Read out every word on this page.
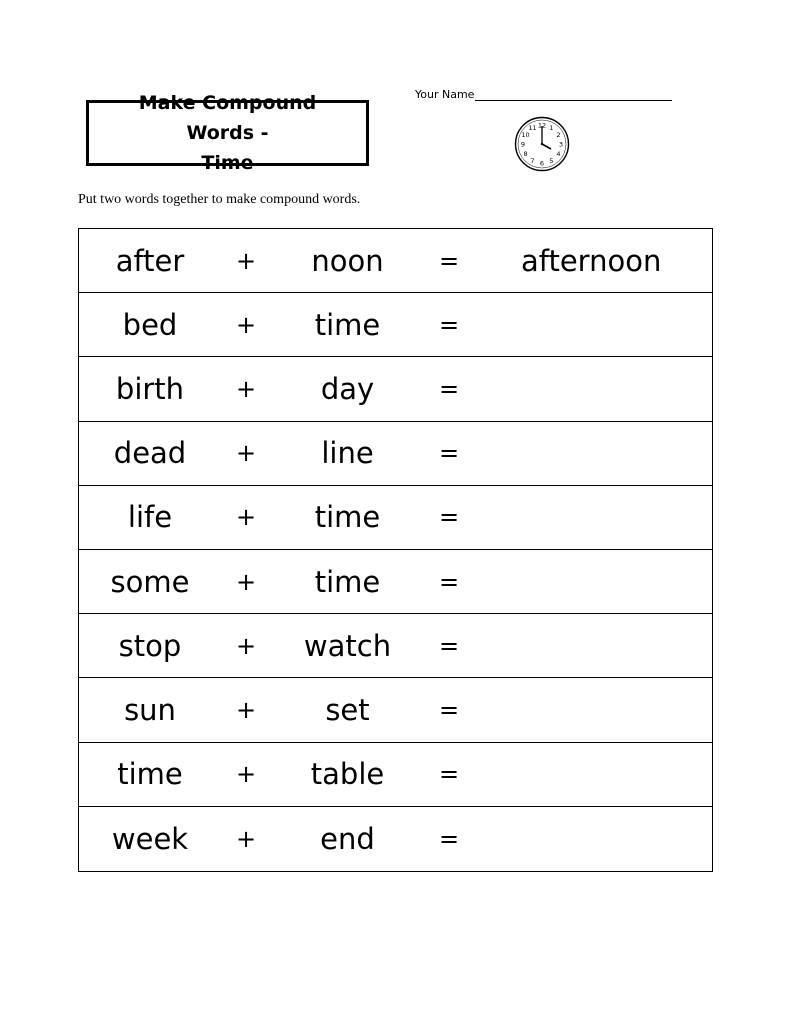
Make Compound Words -
Time
Your Name
12 1
2
3
4
5
6
7
8
9
10
11
Put two words together to make compound words.
after	+	noon	=	afternoon
bed	+	time	=
birth	+	day	=
dead	+	line	=
life	+	time	=
some	+	time	=
stop	+	watch	=
sun	+	set	=
time	+	table	=
week	+	end	=
